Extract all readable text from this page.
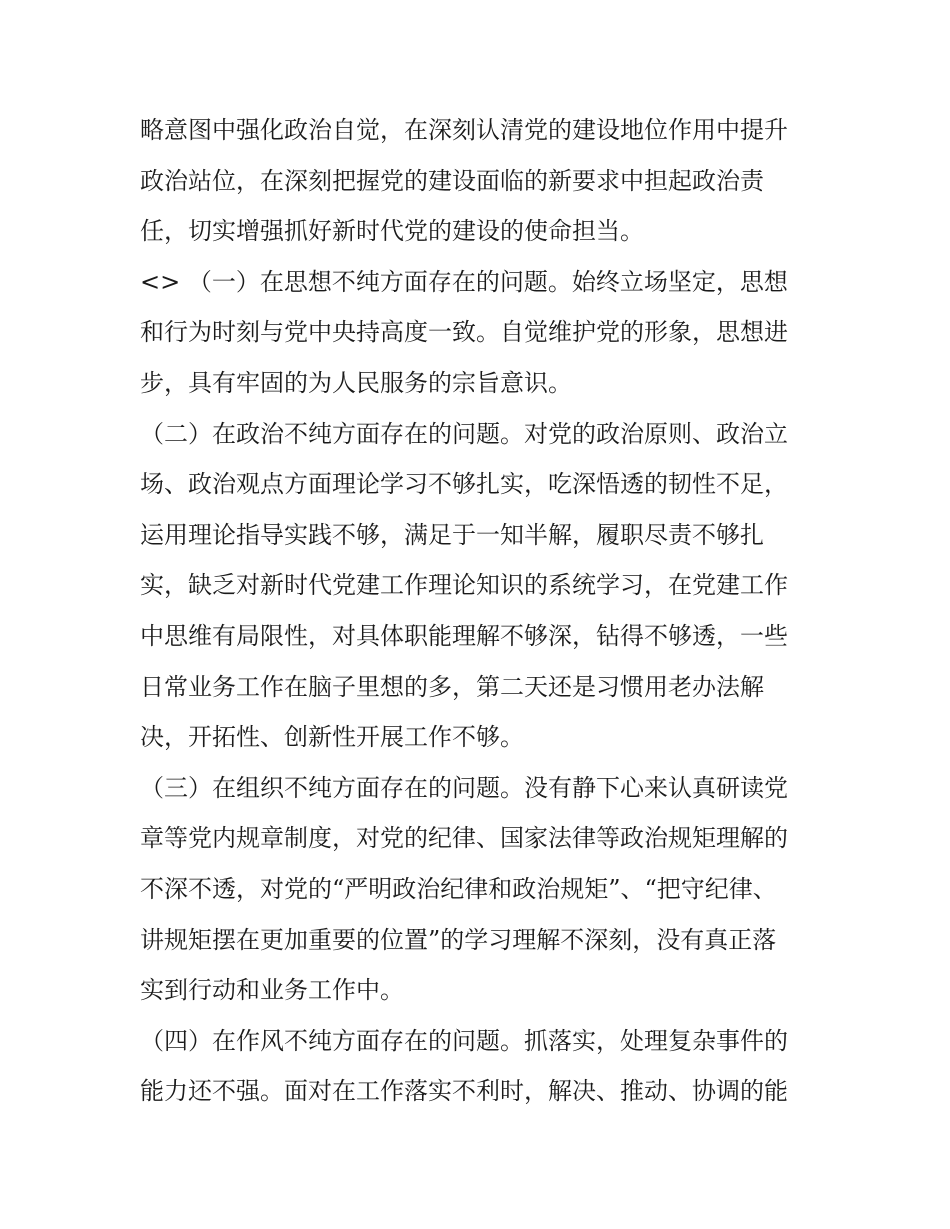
略意图中强化政治自觉，在深刻认清党的建设地位作用中提升
政治站位，在深刻把握党的建设面临的新要求中担起政治责
任，切实增强抓好新时代党的建设的使命担当。
<> （一）在思想不纯方面存在的问题。始终立场坚定，思想
和行为时刻与党中央持高度一致。自觉维护党的形象，思想进
步，具有牢固的为人民服务的宗旨意识。
（二）在政治不纯方面存在的问题。对党的政治原则、政治立
场、政治观点方面理论学习不够扎实，吃深悟透的韧性不足，
运用理论指导实践不够，满足于一知半解，履职尽责不够扎
实，缺乏对新时代党建工作理论知识的系统学习，在党建工作
中思维有局限性，对具体职能理解不够深，钻得不够透，一些
日常业务工作在脑子里想的多，第二天还是习惯用老办法解
决，开拓性、创新性开展工作不够。
（三）在组织不纯方面存在的问题。没有静下心来认真研读党
章等党内规章制度，对党的纪律、国家法律等政治规矩理解的
不深不透，对党的“严明政治纪律和政治规矩”、“把守纪律、
讲规矩摆在更加重要的位置”的学习理解不深刻，没有真正落
实到行动和业务工作中。
（四）在作风不纯方面存在的问题。抓落实，处理复杂事件的
能力还不强。面对在工作落实不利时，解决、推动、协调的能
